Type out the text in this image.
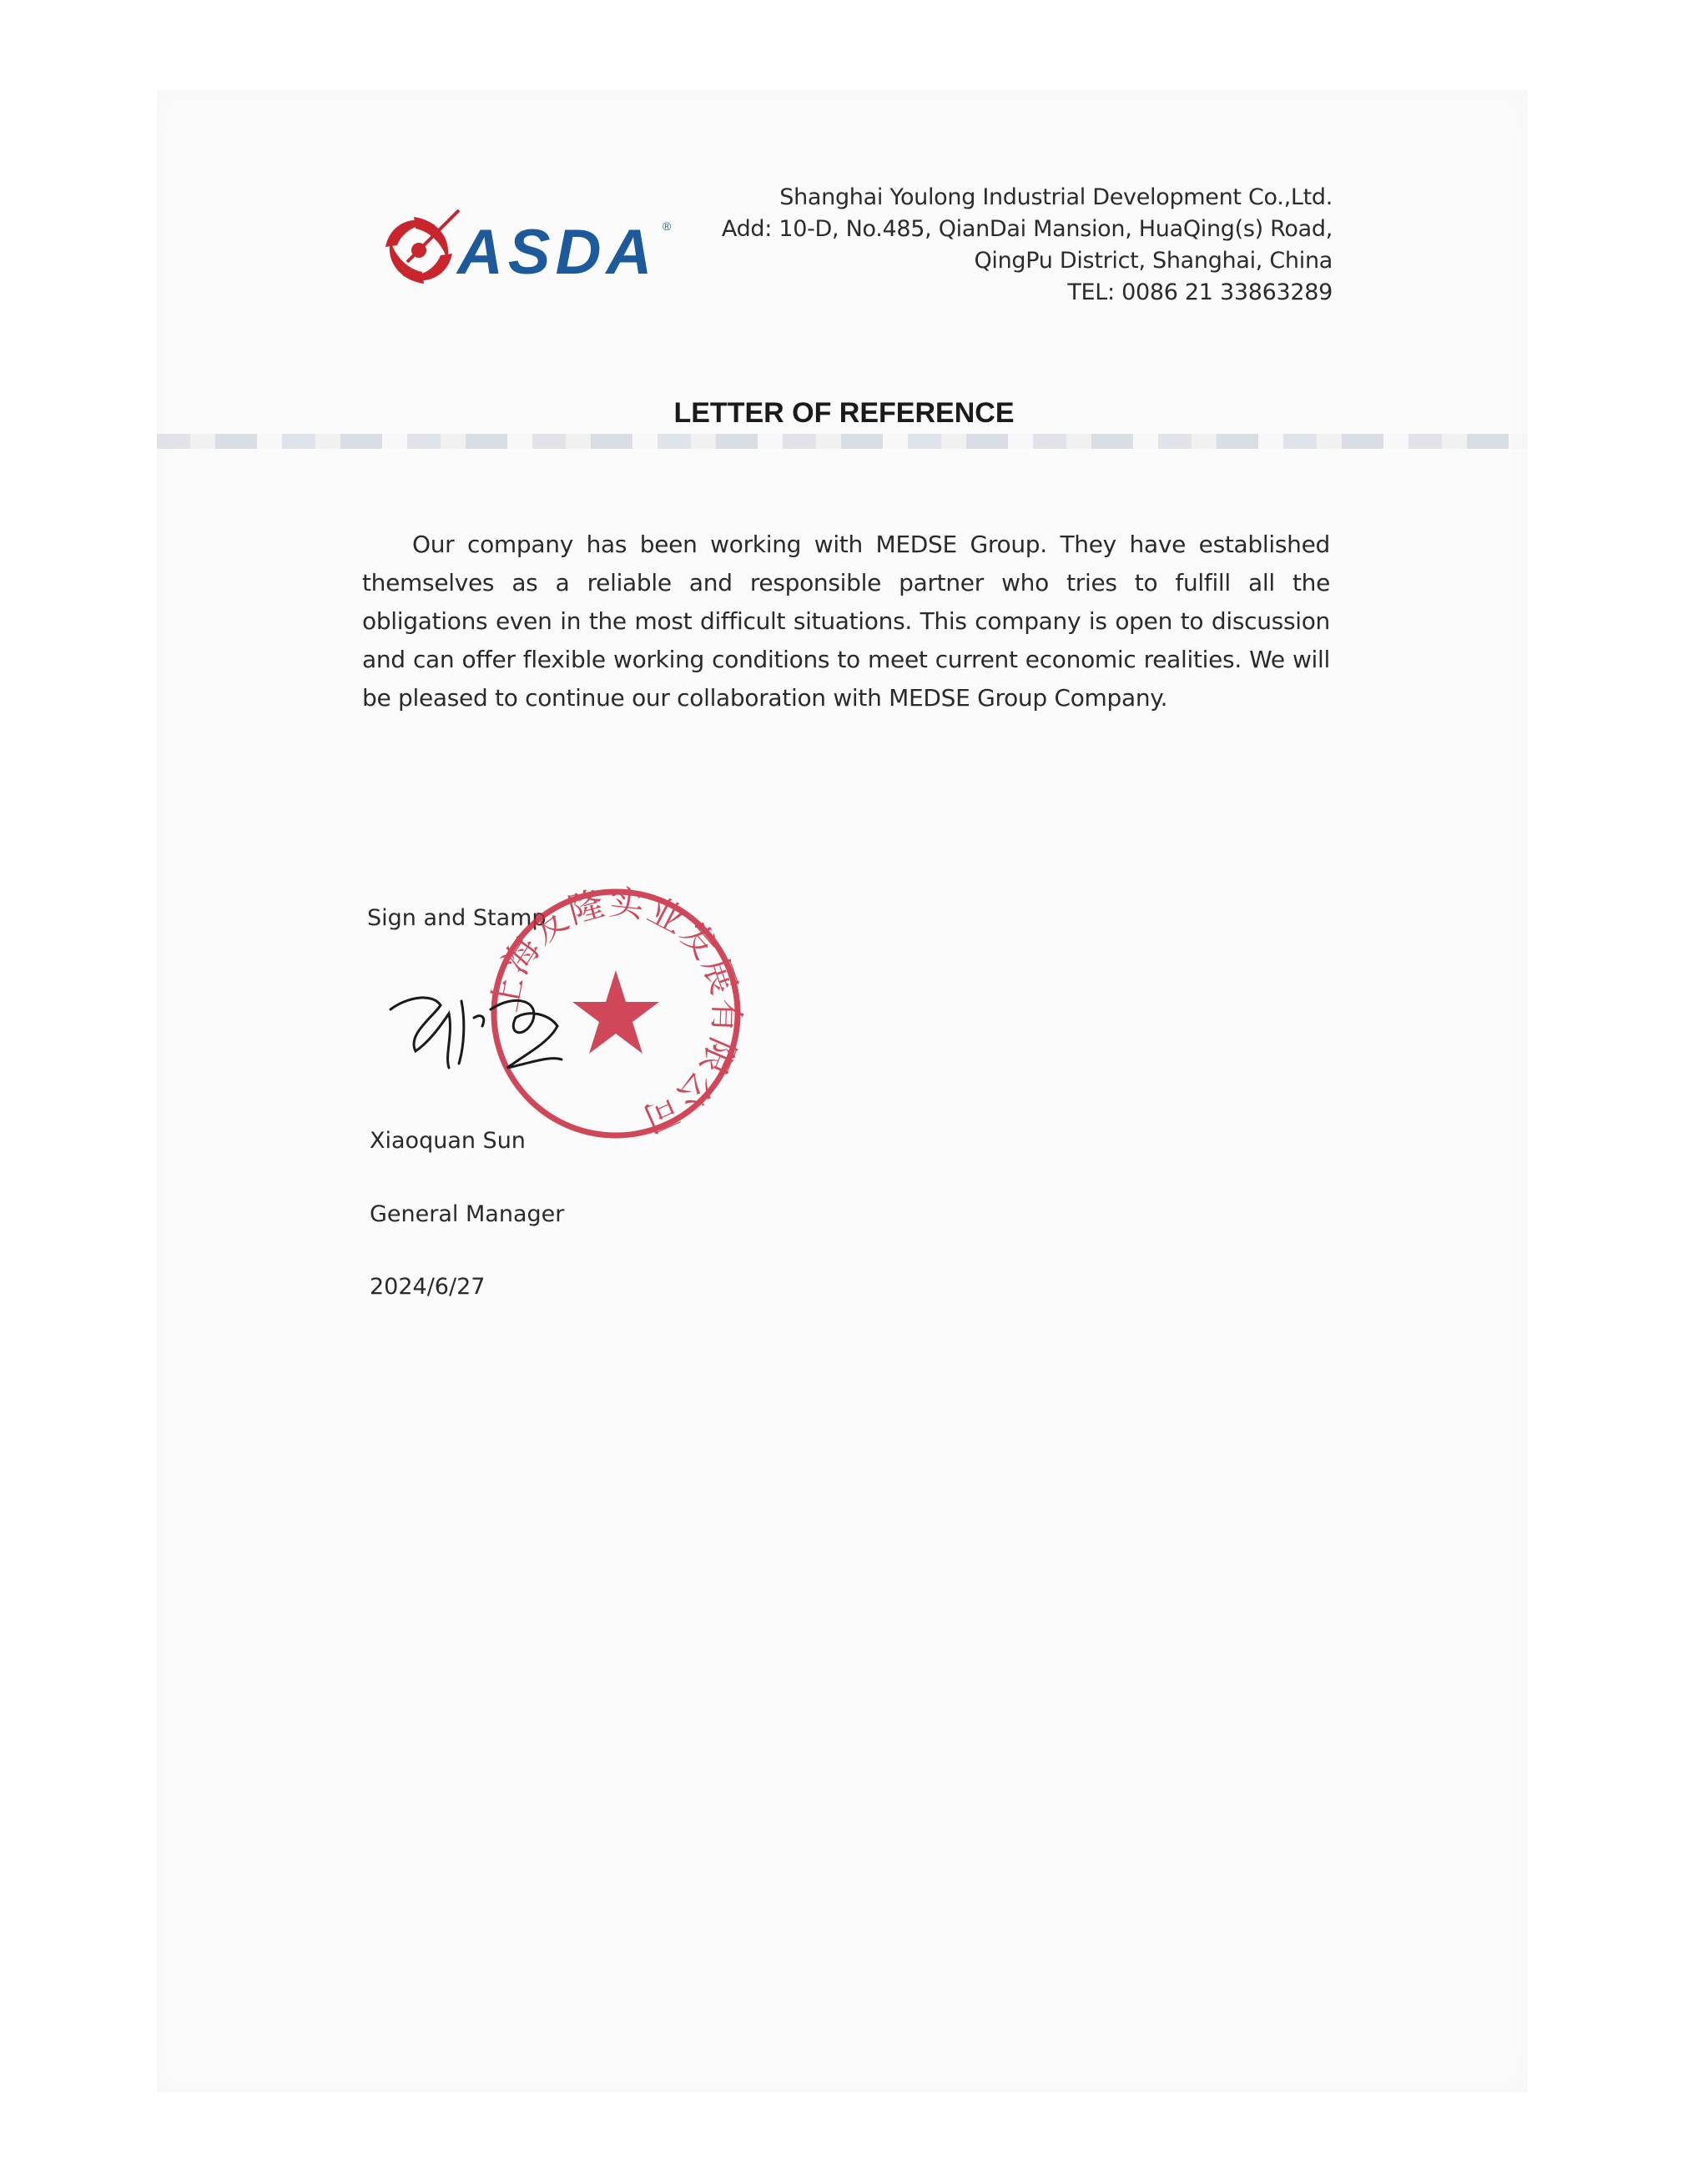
ASDA ®
Shanghai Youlong Industrial Development Co.,Ltd.
Add: 10-D, No.485, QianDai Mansion, HuaQing(s) Road,
QingPu District, Shanghai, China
TEL: 0086 21 33863289
LETTER OF REFERENCE
Our company has been working with MEDSE Group. They have established themselves as a reliable and responsible partner who tries to fulfill all the obligations even in the most difficult situations. This company is open to discussion and can offer flexible working conditions to meet current economic realities. We will be pleased to continue our collaboration with MEDSE Group Company.
Sign and Stamp
上海友隆实业发展有限公司
Xiaoquan Sun
General Manager
2024/6/27
